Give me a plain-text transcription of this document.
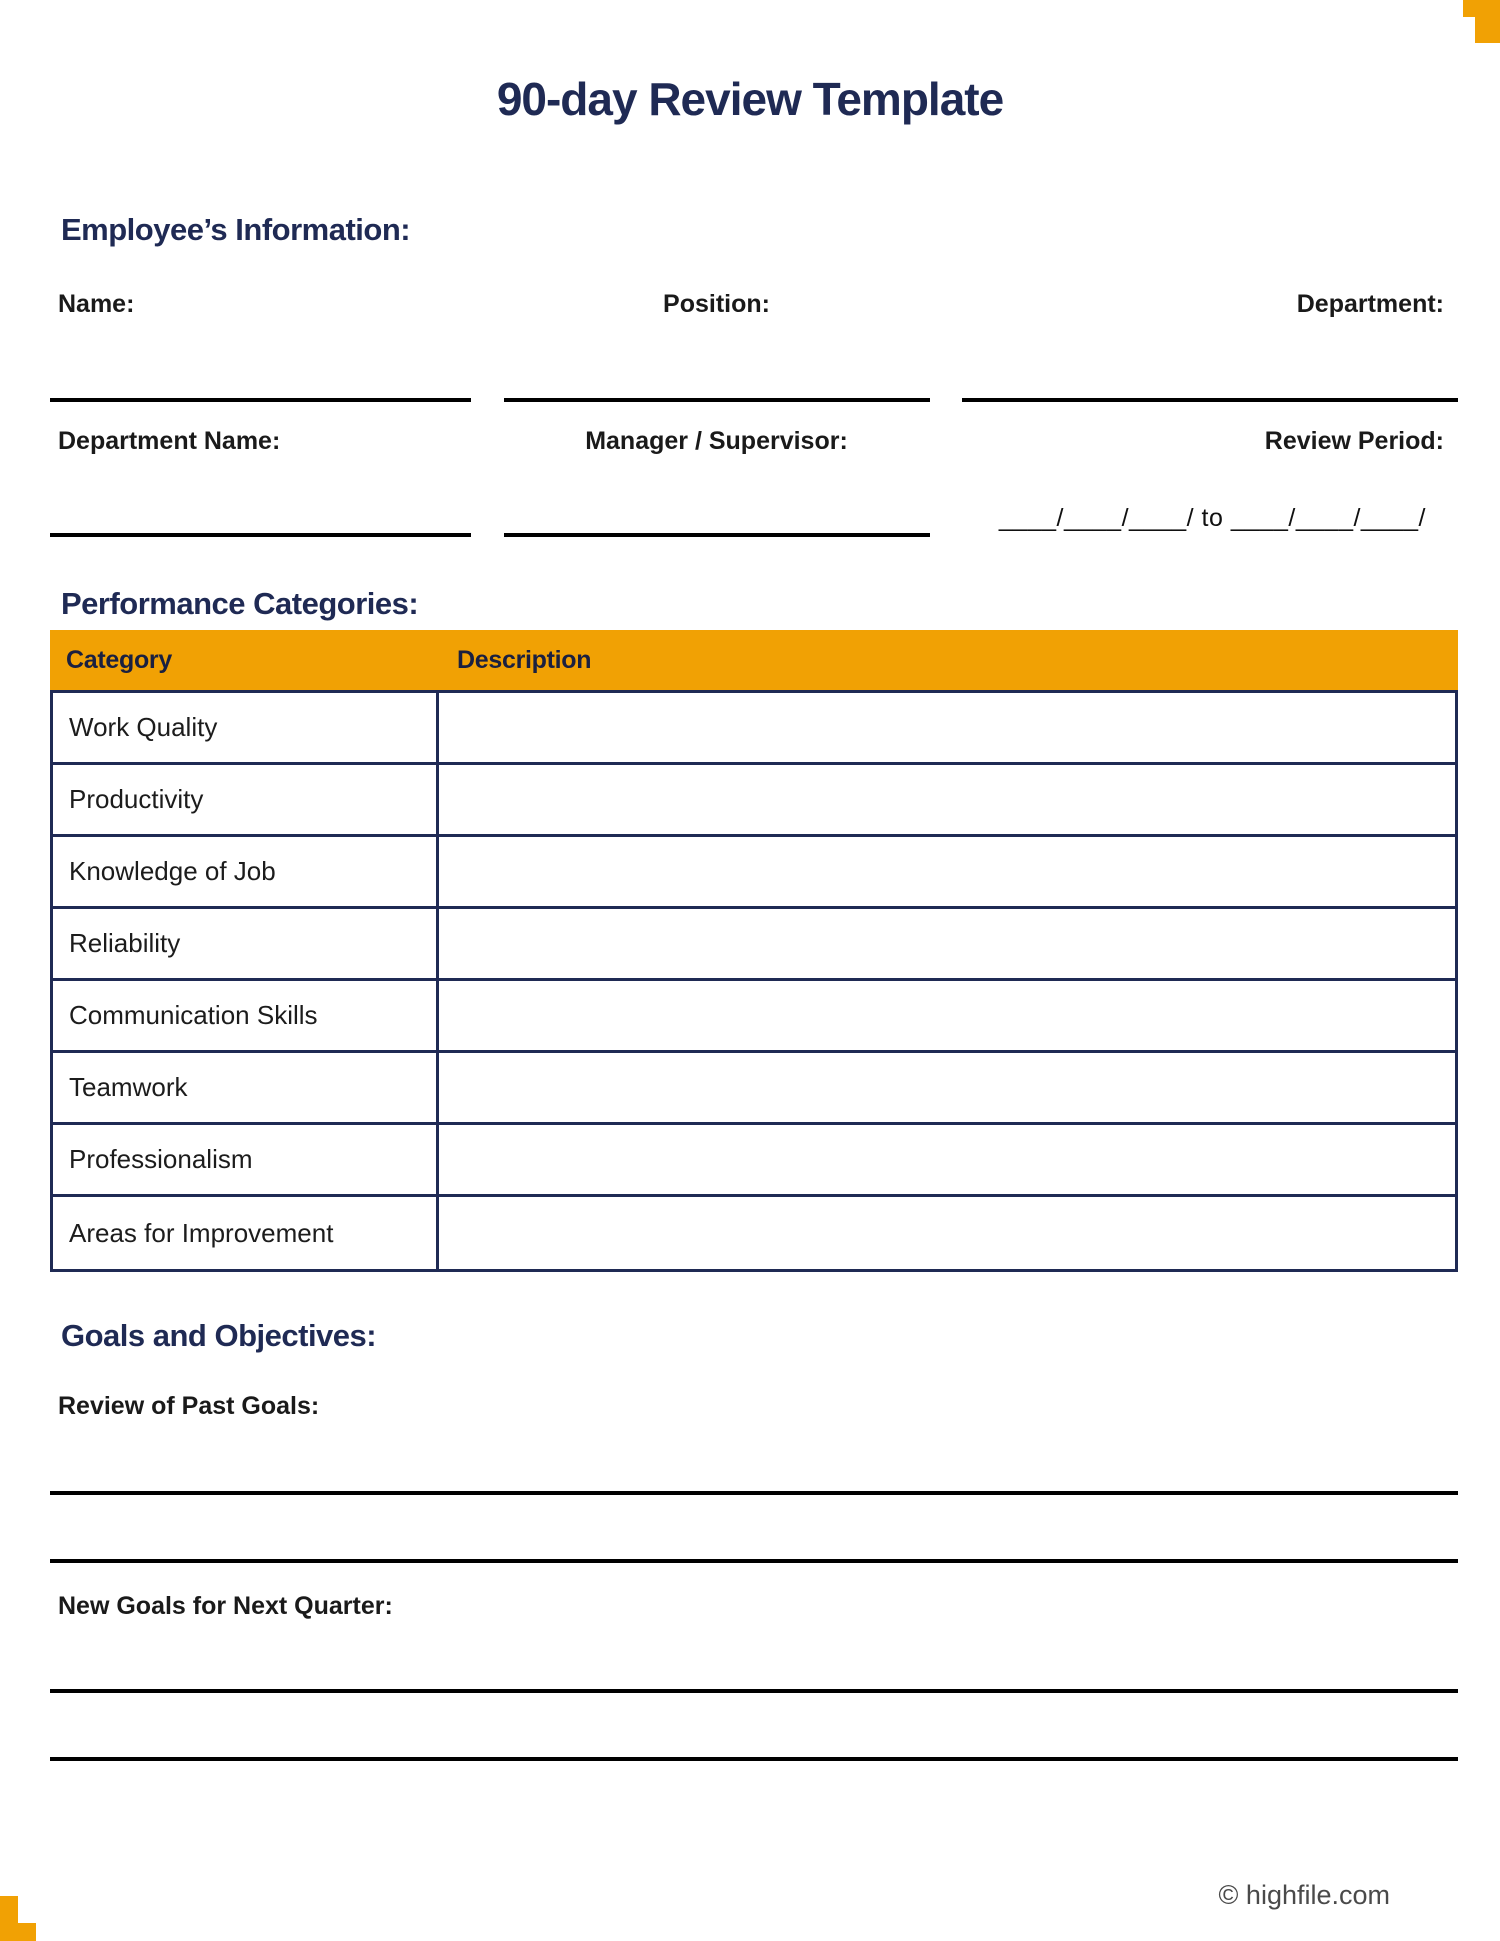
90-day Review Template
Employee’s Information:
Name:	Position:	Department:
Department Name:	Manager / Supervisor:	Review Period:
____/____/____/ to ____/____/____/
Performance Categories:
Category	Description
Work Quality
Productivity
Knowledge of Job
Reliability
Communication Skills
Teamwork
Professionalism
Areas for Improvement
Goals and Objectives:

Review of Past Goals:

New Goals for Next Quarter:

© highfile.com
